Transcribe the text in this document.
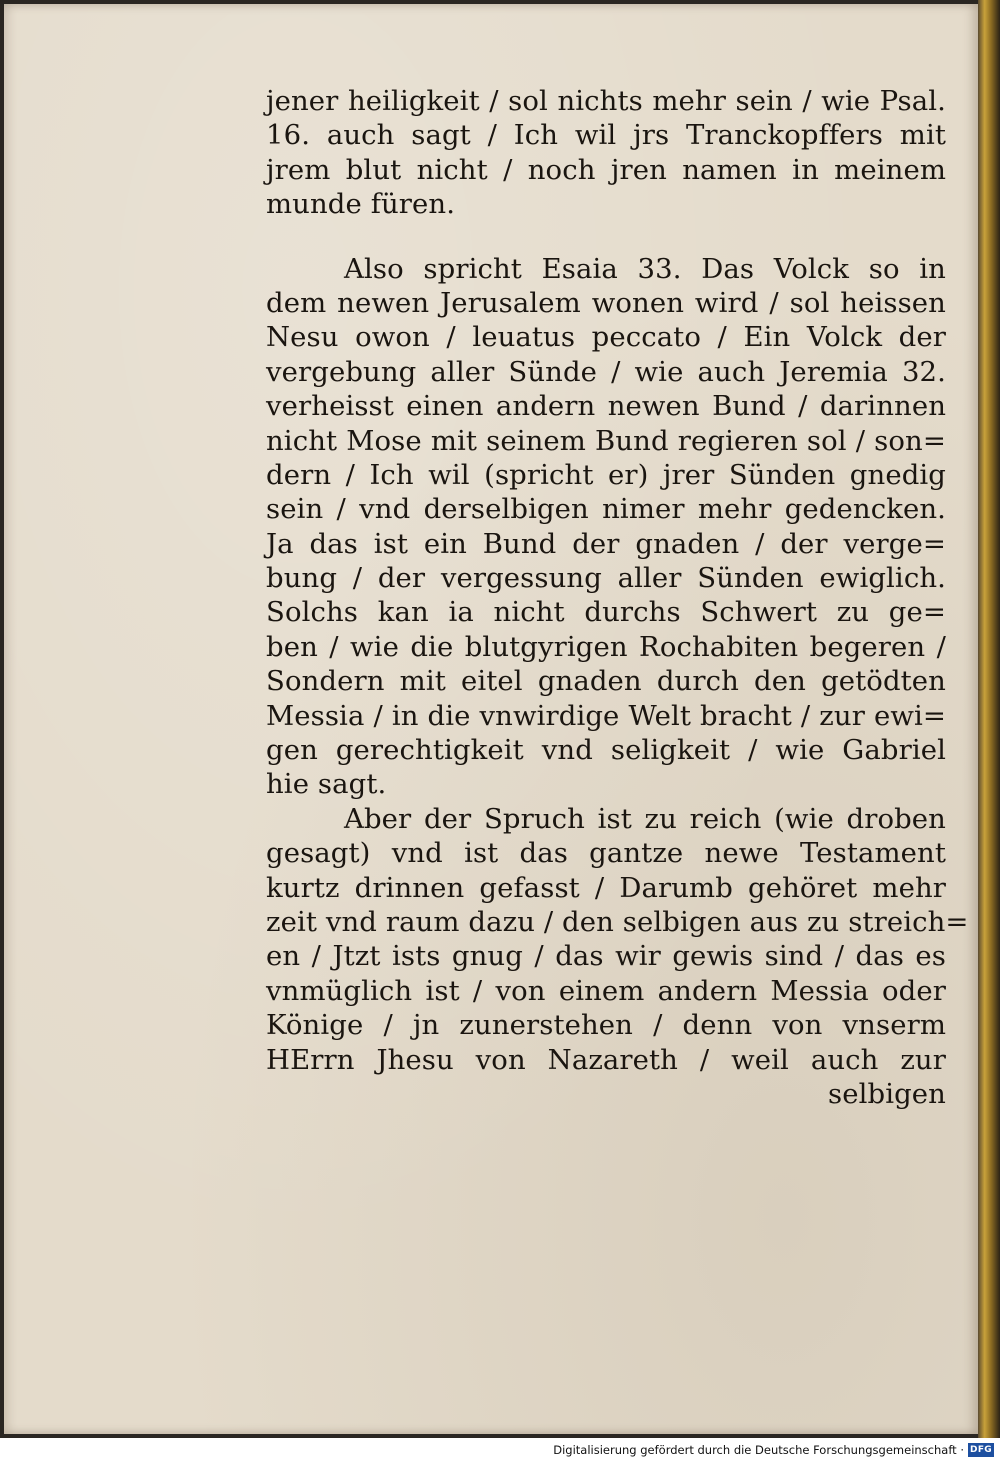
jener heiligkeit / sol nichts mehr sein / wie Psal.
16. auch sagt / Ich wil jrs Tranckopffers mit
jrem blut nicht / noch jren namen in meinem
munde füren.
Also spricht Esaia 33. Das Volck so in
dem newen Jerusalem wonen wird / sol heissen
Nesu owon / leuatus peccato / Ein Volck der
vergebung aller Sünde / wie auch Jeremia 32.
verheisst einen andern newen Bund / darinnen
nicht Mose mit seinem Bund regieren sol / son=
dern / Ich wil (spricht er) jrer Sünden gnedig
sein / vnd derselbigen nimer mehr gedencken.
Ja das ist ein Bund der gnaden / der verge=
bung / der vergessung aller Sünden ewiglich.
Solchs kan ia nicht durchs Schwert zu ge=
ben / wie die blutgyrigen Rochabiten begeren /
Sondern mit eitel gnaden durch den getödten
Messia / in die vnwirdige Welt bracht / zur ewi=
gen gerechtigkeit vnd seligkeit / wie Gabriel
hie sagt.
Aber der Spruch ist zu reich (wie droben
gesagt) vnd ist das gantze newe Testament
kurtz drinnen gefasst / Darumb gehöret mehr
zeit vnd raum dazu / den selbigen aus zu streich=
en / Jtzt ists gnug / das wir gewis sind / das es
vnmüglich ist / von einem andern Messia oder
Könige / jn zunerstehen / denn von vnserm
HErrn Jhesu von Nazareth / weil auch zur
selbigen
Digitalisierung gefördert durch die Deutsche Forschungsgemeinschaft · DFG
